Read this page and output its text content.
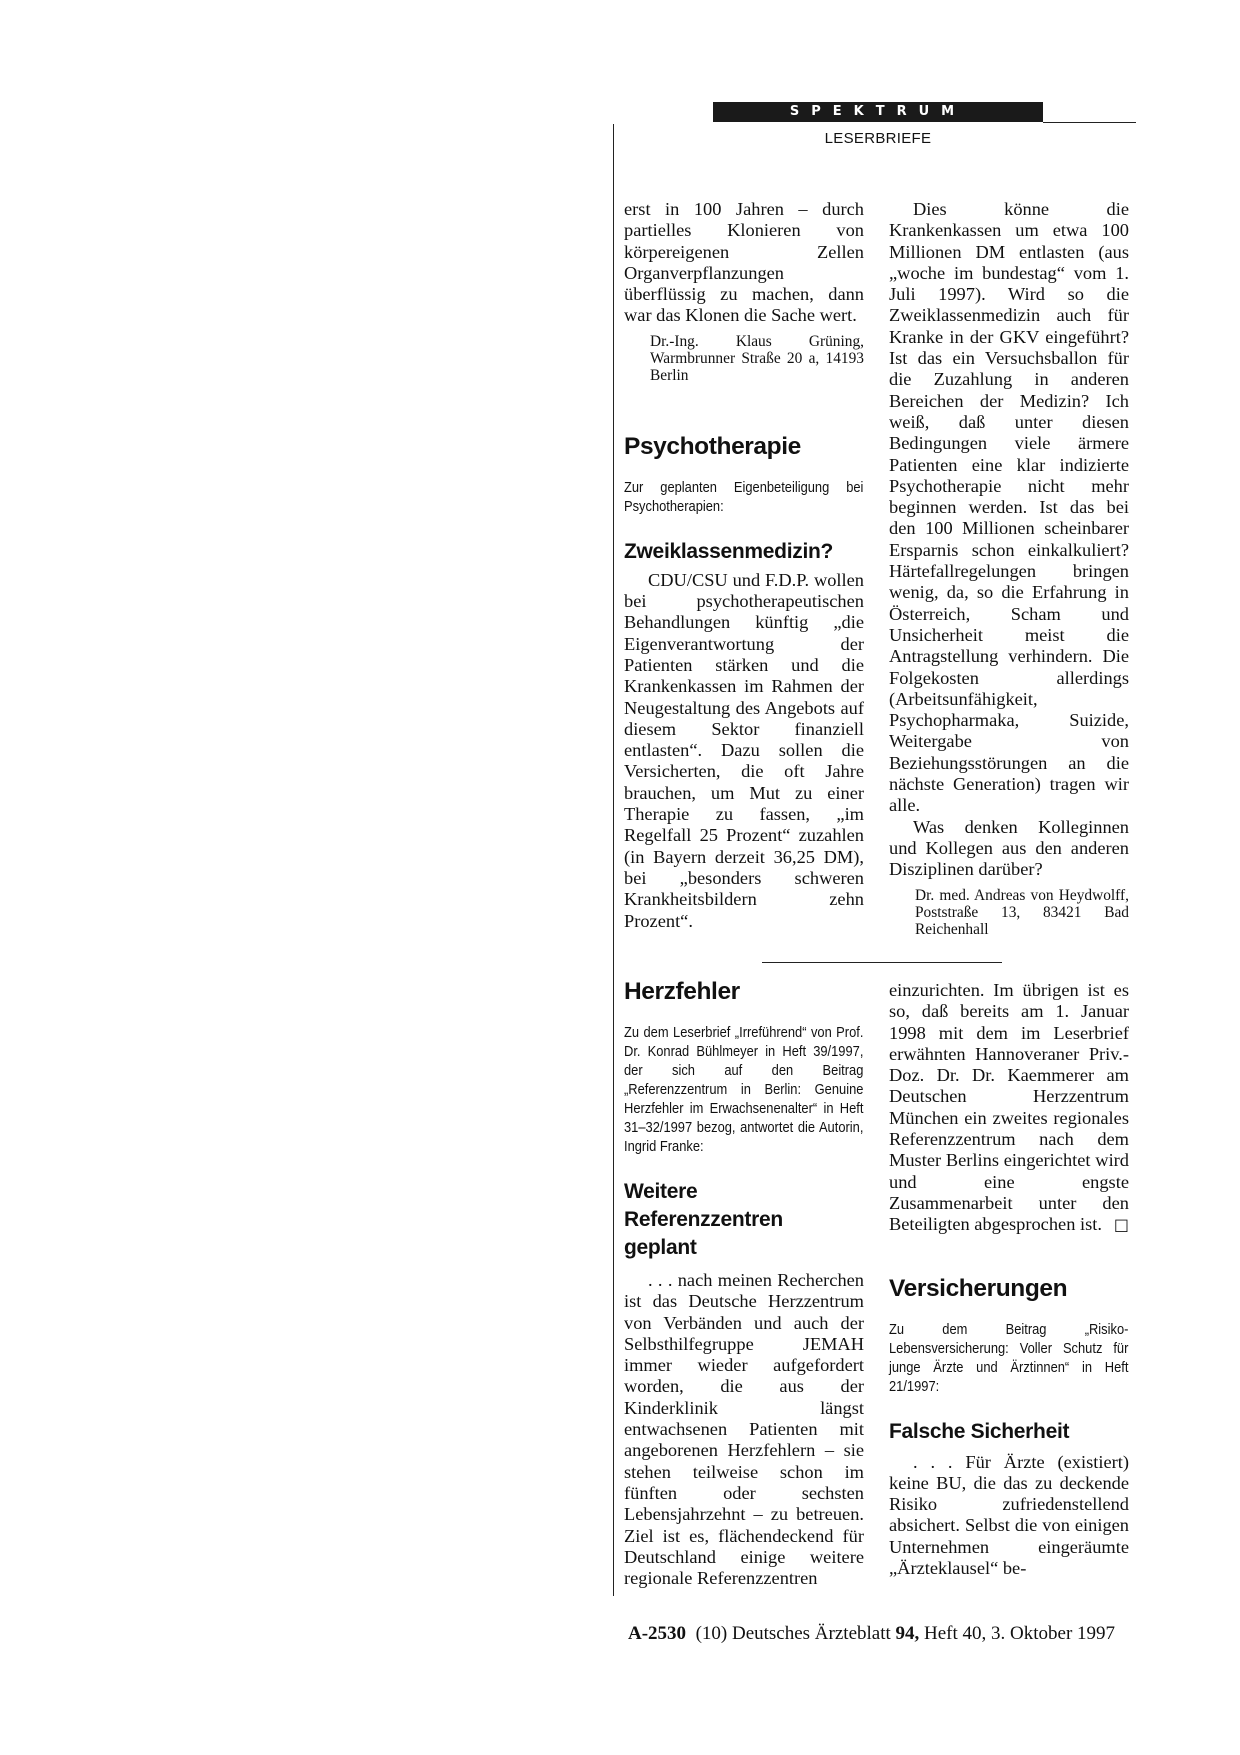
SPEKTRUM
LESERBRIEFE

erst in 100 Jahren – durch partielles Klonieren von körpereigenen Zellen Organverpflanzungen überflüssig zu machen, dann war das Klonen die Sache wert.

Dr.-Ing. Klaus Grüning, Warmbrunner Straße 20 a, 14193 Berlin
Psychotherapie
Zur geplanten Eigenbeteiligung bei Psychotherapien:
Zweiklassenmedizin?

CDU/CSU und F.D.P. wollen bei psychotherapeutischen Behandlungen künftig „die Eigenverantwortung der Patienten stärken und die Krankenkassen im Rahmen der Neugestaltung des Angebots auf diesem Sektor finanziell entlasten“. Dazu sollen die Versicherten, die oft Jahre brauchen, um Mut zu einer Therapie zu fassen, „im Regelfall 25 Prozent“ zuzahlen (in Bayern derzeit 36,25 DM), bei „besonders schweren Krankheitsbildern zehn Prozent“.

Dies könne die Krankenkassen um etwa 100 Millionen DM entlasten (aus „woche im bundestag“ vom 1. Juli 1997). Wird so die Zweiklassenmedizin auch für Kranke in der GKV eingeführt? Ist das ein Versuchsballon für die Zuzahlung in anderen Bereichen der Medizin? Ich weiß, daß unter diesen Bedingungen viele ärmere Patienten eine klar indizierte Psychotherapie nicht mehr beginnen werden. Ist das bei den 100 Millionen scheinbarer Ersparnis schon einkalkuliert? Härtefallregelungen bringen wenig, da, so die Erfahrung in Österreich, Scham und Unsicherheit meist die Antragstellung verhindern. Die Folgekosten allerdings (Arbeitsunfähigkeit, Psychopharmaka, Suizide, Weitergabe von Beziehungsstörungen an die nächste Generation) tragen wir alle.

Was denken Kolleginnen und Kollegen aus den anderen Disziplinen darüber?

Dr. med. Andreas von Heydwolff, Poststraße 13, 83421 Bad Reichenhall
Herzfehler
Zu dem Leserbrief „Irreführend“ von Prof. Dr. Konrad Bühlmeyer in Heft 39/1997, der sich auf den Beitrag „Referenzzentrum in Berlin: Genuine Herzfehler im Erwachsenenalter“ in Heft 31–32/1997 bezog, antwortet die Autorin, Ingrid Franke:
Weitere Referenzzentren geplant

. . . nach meinen Recherchen ist das Deutsche Herzzentrum von Verbänden und auch der Selbsthilfegruppe JEMAH immer wieder aufgefordert worden, die aus der Kinderklinik längst entwachsenen Patienten mit angeborenen Herzfehlern – sie stehen teilweise schon im fünften oder sechsten Lebensjahrzehnt – zu betreuen. Ziel ist es, flächendeckend für Deutschland einige weitere regionale Referenzzentren

einzurichten. Im übrigen ist es so, daß bereits am 1. Januar 1998 mit dem im Leserbrief erwähnten Hannoveraner Priv.-Doz. Dr. Dr. Kaemmerer am Deutschen Herzzentrum München ein zweites regionales Referenzzentrum nach dem Muster Berlins eingerichtet wird und eine engste Zusammenarbeit unter den Beteiligten abgesprochen ist. □

Versicherungen
Zu dem Beitrag „Risiko-Lebensversicherung: Voller Schutz für junge Ärzte und Ärztinnen“ in Heft 21/1997:
Falsche Sicherheit

. . . Für Ärzte (existiert) keine BU, die das zu deckende Risiko zufriedenstellend absichert. Selbst die von einigen Unternehmen eingeräumte „Ärzteklausel“ be-

A-2530 (10) Deutsches Ärzteblatt 94, Heft 40, 3. Oktober 1997
